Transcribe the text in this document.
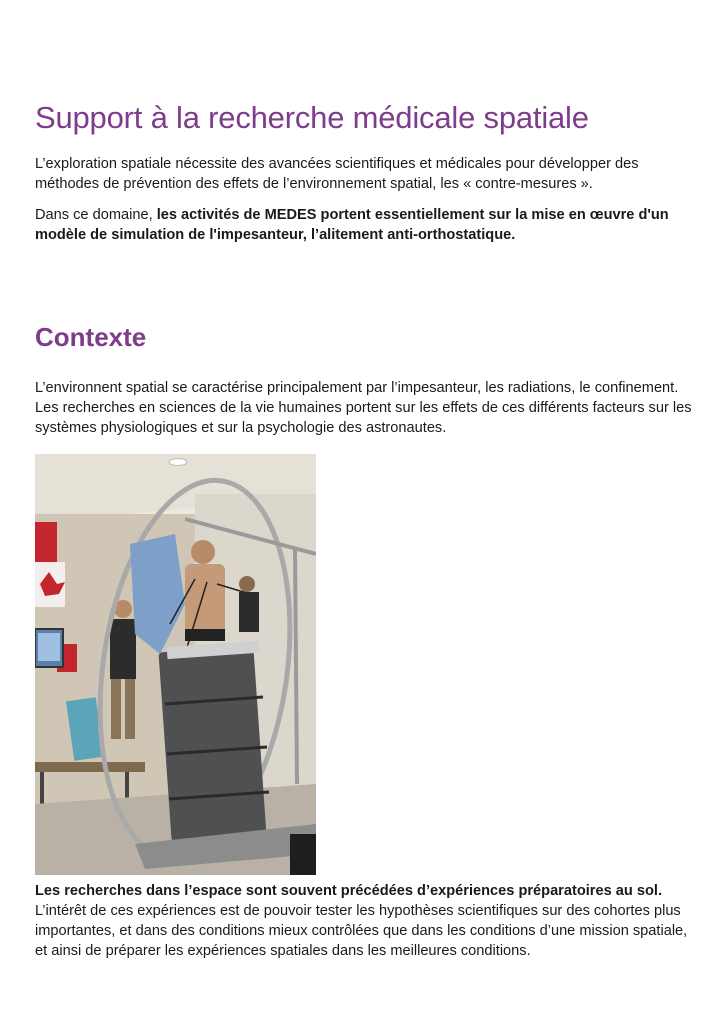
Support à la recherche médicale spatiale

L’exploration spatiale nécessite des avancées scientifiques et médicales pour développer des méthodes de prévention des effets de l’environnement spatial, les « contre-mesures ».

Dans ce domaine, les activités de MEDES portent essentiellement sur la mise en œuvre d'un modèle de simulation de l'impesanteur, l’alitement anti-orthostatique.

Contexte

L’environnent spatial se caractérise principalement par l’impesanteur, les radiations, le confinement. Les recherches en sciences de la vie humaines portent sur les effets de ces différents facteurs sur les systèmes physiologiques et sur la psychologie des astronautes.

Les recherches dans l’espace sont souvent précédées d’expériences préparatoires au sol. L’intérêt de ces expériences est de pouvoir tester les hypothèses scientifiques sur des cohortes plus importantes, et dans des conditions mieux contrôlées que dans les conditions d’une mission spatiale, et ainsi de préparer les expériences spatiales dans les meilleures conditions.
